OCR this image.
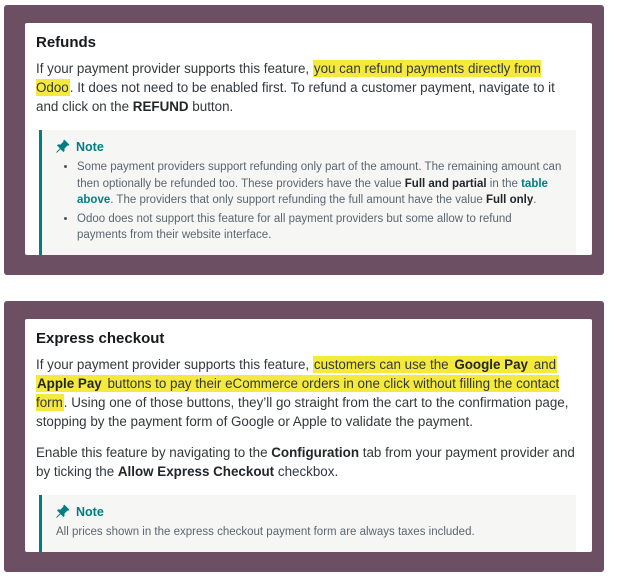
Refunds

If your payment provider supports this feature, you can refund payments directly from Odoo. It does not need to be enabled first. To refund a customer payment, navigate to it and click on the REFUND button.

Note
• Some payment providers support refunding only part of the amount. The remaining amount can then optionally be refunded too. These providers have the value Full and partial in the table above. The providers that only support refunding the full amount have the value Full only.
• Odoo does not support this feature for all payment providers but some allow to refund payments from their website interface.
Express checkout

If your payment provider supports this feature, customers can use the Google Pay and Apple Pay buttons to pay their eCommerce orders in one click without filling the contact form. Using one of those buttons, they’ll go straight from the cart to the confirmation page, stopping by the payment form of Google or Apple to validate the payment.

Enable this feature by navigating to the Configuration tab from your payment provider and by ticking the Allow Express Checkout checkbox.

Note

All prices shown in the express checkout payment form are always taxes included.
